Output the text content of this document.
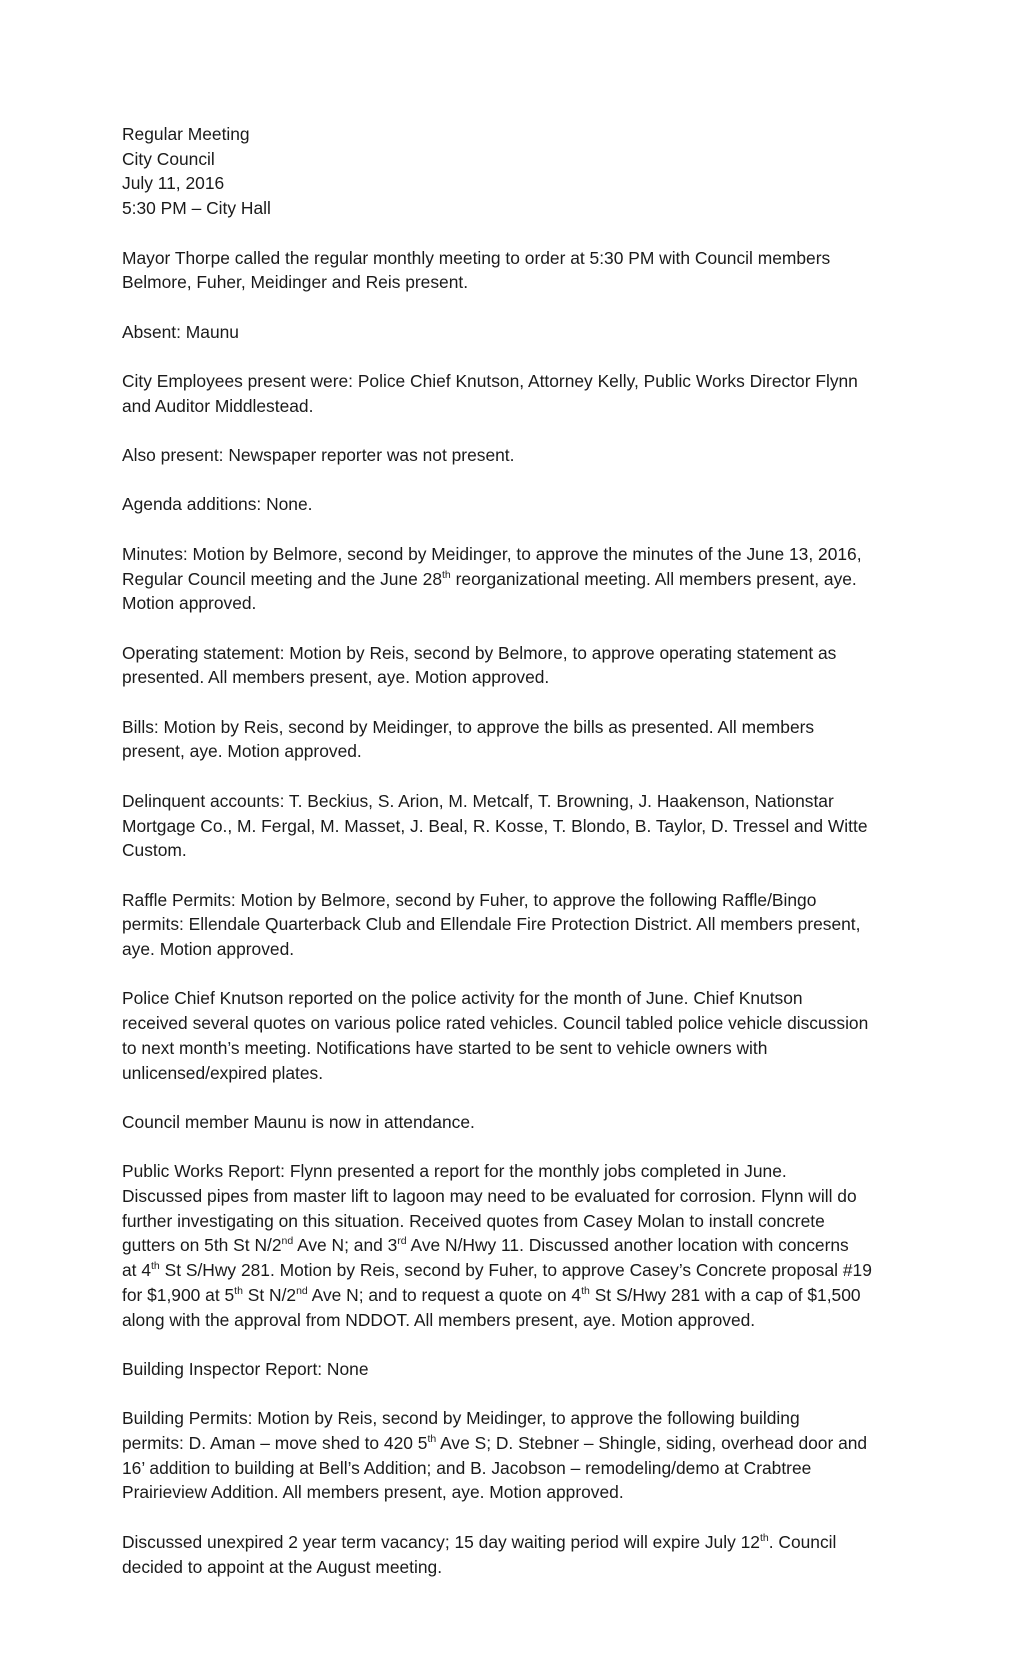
Regular Meeting
City Council
July 11, 2016
5:30 PM – City Hall

Mayor Thorpe called the regular monthly meeting to order at 5:30 PM with Council members
Belmore, Fuher, Meidinger and Reis present.

Absent: Maunu

City Employees present were: Police Chief Knutson, Attorney Kelly, Public Works Director Flynn
and Auditor Middlestead.

Also present: Newspaper reporter was not present.

Agenda additions: None.

Minutes: Motion by Belmore, second by Meidinger, to approve the minutes of the June 13, 2016,
Regular Council meeting and the June 28th reorganizational meeting. All members present, aye.
Motion approved.

Operating statement: Motion by Reis, second by Belmore, to approve operating statement as
presented. All members present, aye. Motion approved.

Bills: Motion by Reis, second by Meidinger, to approve the bills as presented. All members
present, aye. Motion approved.

Delinquent accounts: T. Beckius, S. Arion, M. Metcalf, T. Browning, J. Haakenson, Nationstar
Mortgage Co., M. Fergal, M. Masset, J. Beal, R. Kosse, T. Blondo, B. Taylor, D. Tressel and Witte
Custom.

Raffle Permits: Motion by Belmore, second by Fuher, to approve the following Raffle/Bingo
permits: Ellendale Quarterback Club and Ellendale Fire Protection District. All members present,
aye. Motion approved.

Police Chief Knutson reported on the police activity for the month of June. Chief Knutson
received several quotes on various police rated vehicles. Council tabled police vehicle discussion
to next month’s meeting. Notifications have started to be sent to vehicle owners with
unlicensed/expired plates.

Council member Maunu is now in attendance.

Public Works Report: Flynn presented a report for the monthly jobs completed in June.
Discussed pipes from master lift to lagoon may need to be evaluated for corrosion. Flynn will do
further investigating on this situation. Received quotes from Casey Molan to install concrete
gutters on 5th St N/2nd Ave N; and 3rd Ave N/Hwy 11. Discussed another location with concerns
at 4th St S/Hwy 281. Motion by Reis, second by Fuher, to approve Casey’s Concrete proposal #19
for $1,900 at 5th St N/2nd Ave N; and to request a quote on 4th St S/Hwy 281 with a cap of $1,500
along with the approval from NDDOT. All members present, aye. Motion approved.

Building Inspector Report: None

Building Permits: Motion by Reis, second by Meidinger, to approve the following building
permits: D. Aman – move shed to 420 5th Ave S; D. Stebner – Shingle, siding, overhead door and
16’ addition to building at Bell’s Addition; and B. Jacobson – remodeling/demo at Crabtree
Prairieview Addition. All members present, aye. Motion approved.

Discussed unexpired 2 year term vacancy; 15 day waiting period will expire July 12th. Council
decided to appoint at the August meeting.
